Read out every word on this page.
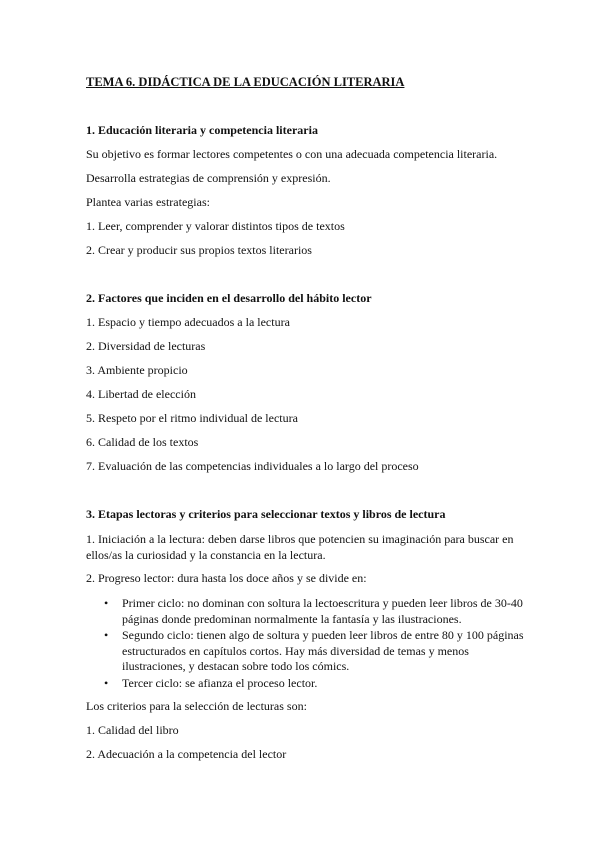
TEMA 6. DIDÁCTICA DE LA EDUCACIÓN LITERARIA
1. Educación literaria y competencia literaria

Su objetivo es formar lectores competentes o con una adecuada competencia literaria.

Desarrolla estrategias de comprensión y expresión.

Plantea varias estrategias:

1. Leer, comprender y valorar distintos tipos de textos

2. Crear y producir sus propios textos literarios

2. Factores que inciden en el desarrollo del hábito lector

1. Espacio y tiempo adecuados a la lectura

2. Diversidad de lecturas

3. Ambiente propicio

4. Libertad de elección

5. Respeto por el ritmo individual de lectura

6. Calidad de los textos

7. Evaluación de las competencias individuales a lo largo del proceso

3. Etapas lectoras y criterios para seleccionar textos y libros de lectura

1. Iniciación a la lectura: deben darse libros que potencien su imaginación para buscar en ellos/as la curiosidad y la constancia en la lectura.

2. Progreso lector: dura hasta los doce años y se divide en:

• Primer ciclo: no dominan con soltura la lectoescritura y pueden leer libros de 30-40 páginas donde predominan normalmente la fantasía y las ilustraciones.
• Segundo ciclo: tienen algo de soltura y pueden leer libros de entre 80 y 100 páginas estructurados en capítulos cortos. Hay más diversidad de temas y menos ilustraciones, y destacan sobre todo los cómics.
• Tercer ciclo: se afianza el proceso lector.

Los criterios para la selección de lecturas son:

1. Calidad del libro

2. Adecuación a la competencia del lector
